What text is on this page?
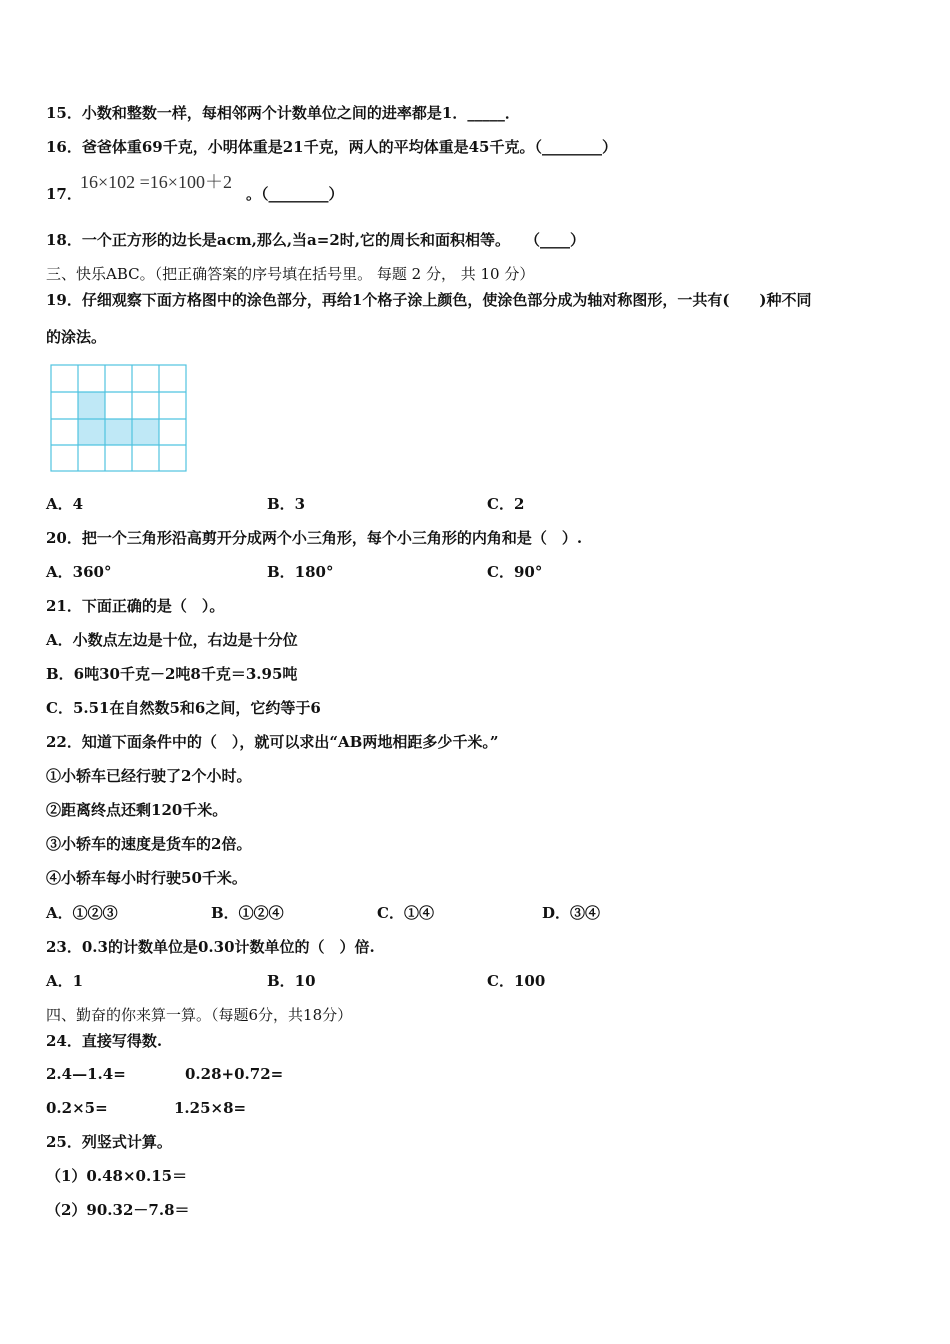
15．小数和整数一样，每相邻两个计数单位之间的进率都是1．_____．
16．爸爸体重69千克，小明体重是21千克，两人的平均体重是45千克。（________）
17．
16×102 =16×100＋2
。（________）
18．一个正方形的边长是acm,那么,当a=2时,它的周长和面积相等。　　（____）
三、快乐ABC。（把正确答案的序号填在括号里。 每题 2 分， 共 10 分）
19．仔细观察下面方格图中的涂色部分，再给1个格子涂上颜色，使涂色部分成为轴对称图形，一共有(　　)种不同
的涂法。
A．4	B．3	C．2
20．把一个三角形沿高剪开分成两个小三角形，每个小三角形的内角和是（　）.
A．360°	B．180°	C．90°
21．下面正确的是（　）。
A．小数点左边是十位，右边是十分位
B．6吨30千克－2吨8千克＝3.95吨
C．5.51在自然数5和6之间，它约等于6
22．知道下面条件中的（　），就可以求出“AB两地相距多少千米。”
①小轿车已经行驶了2个小时。
②距离终点还剩120千米。
③小轿车的速度是货车的2倍。
④小轿车每小时行驶50千米。
A．①②③	B．①②④	C．①④	D．③④
23．0.3的计数单位是0.30计数单位的（　）倍.
A．1	B．10	C．100
四、勤奋的你来算一算。（每题6分，共18分）
24．直接写得数.
2.4—1.4=	0.28+0.72=
0.2×5=	1.25×8=
25．列竖式计算。
（1）0.48×0.15＝
（2）90.32－7.8＝
